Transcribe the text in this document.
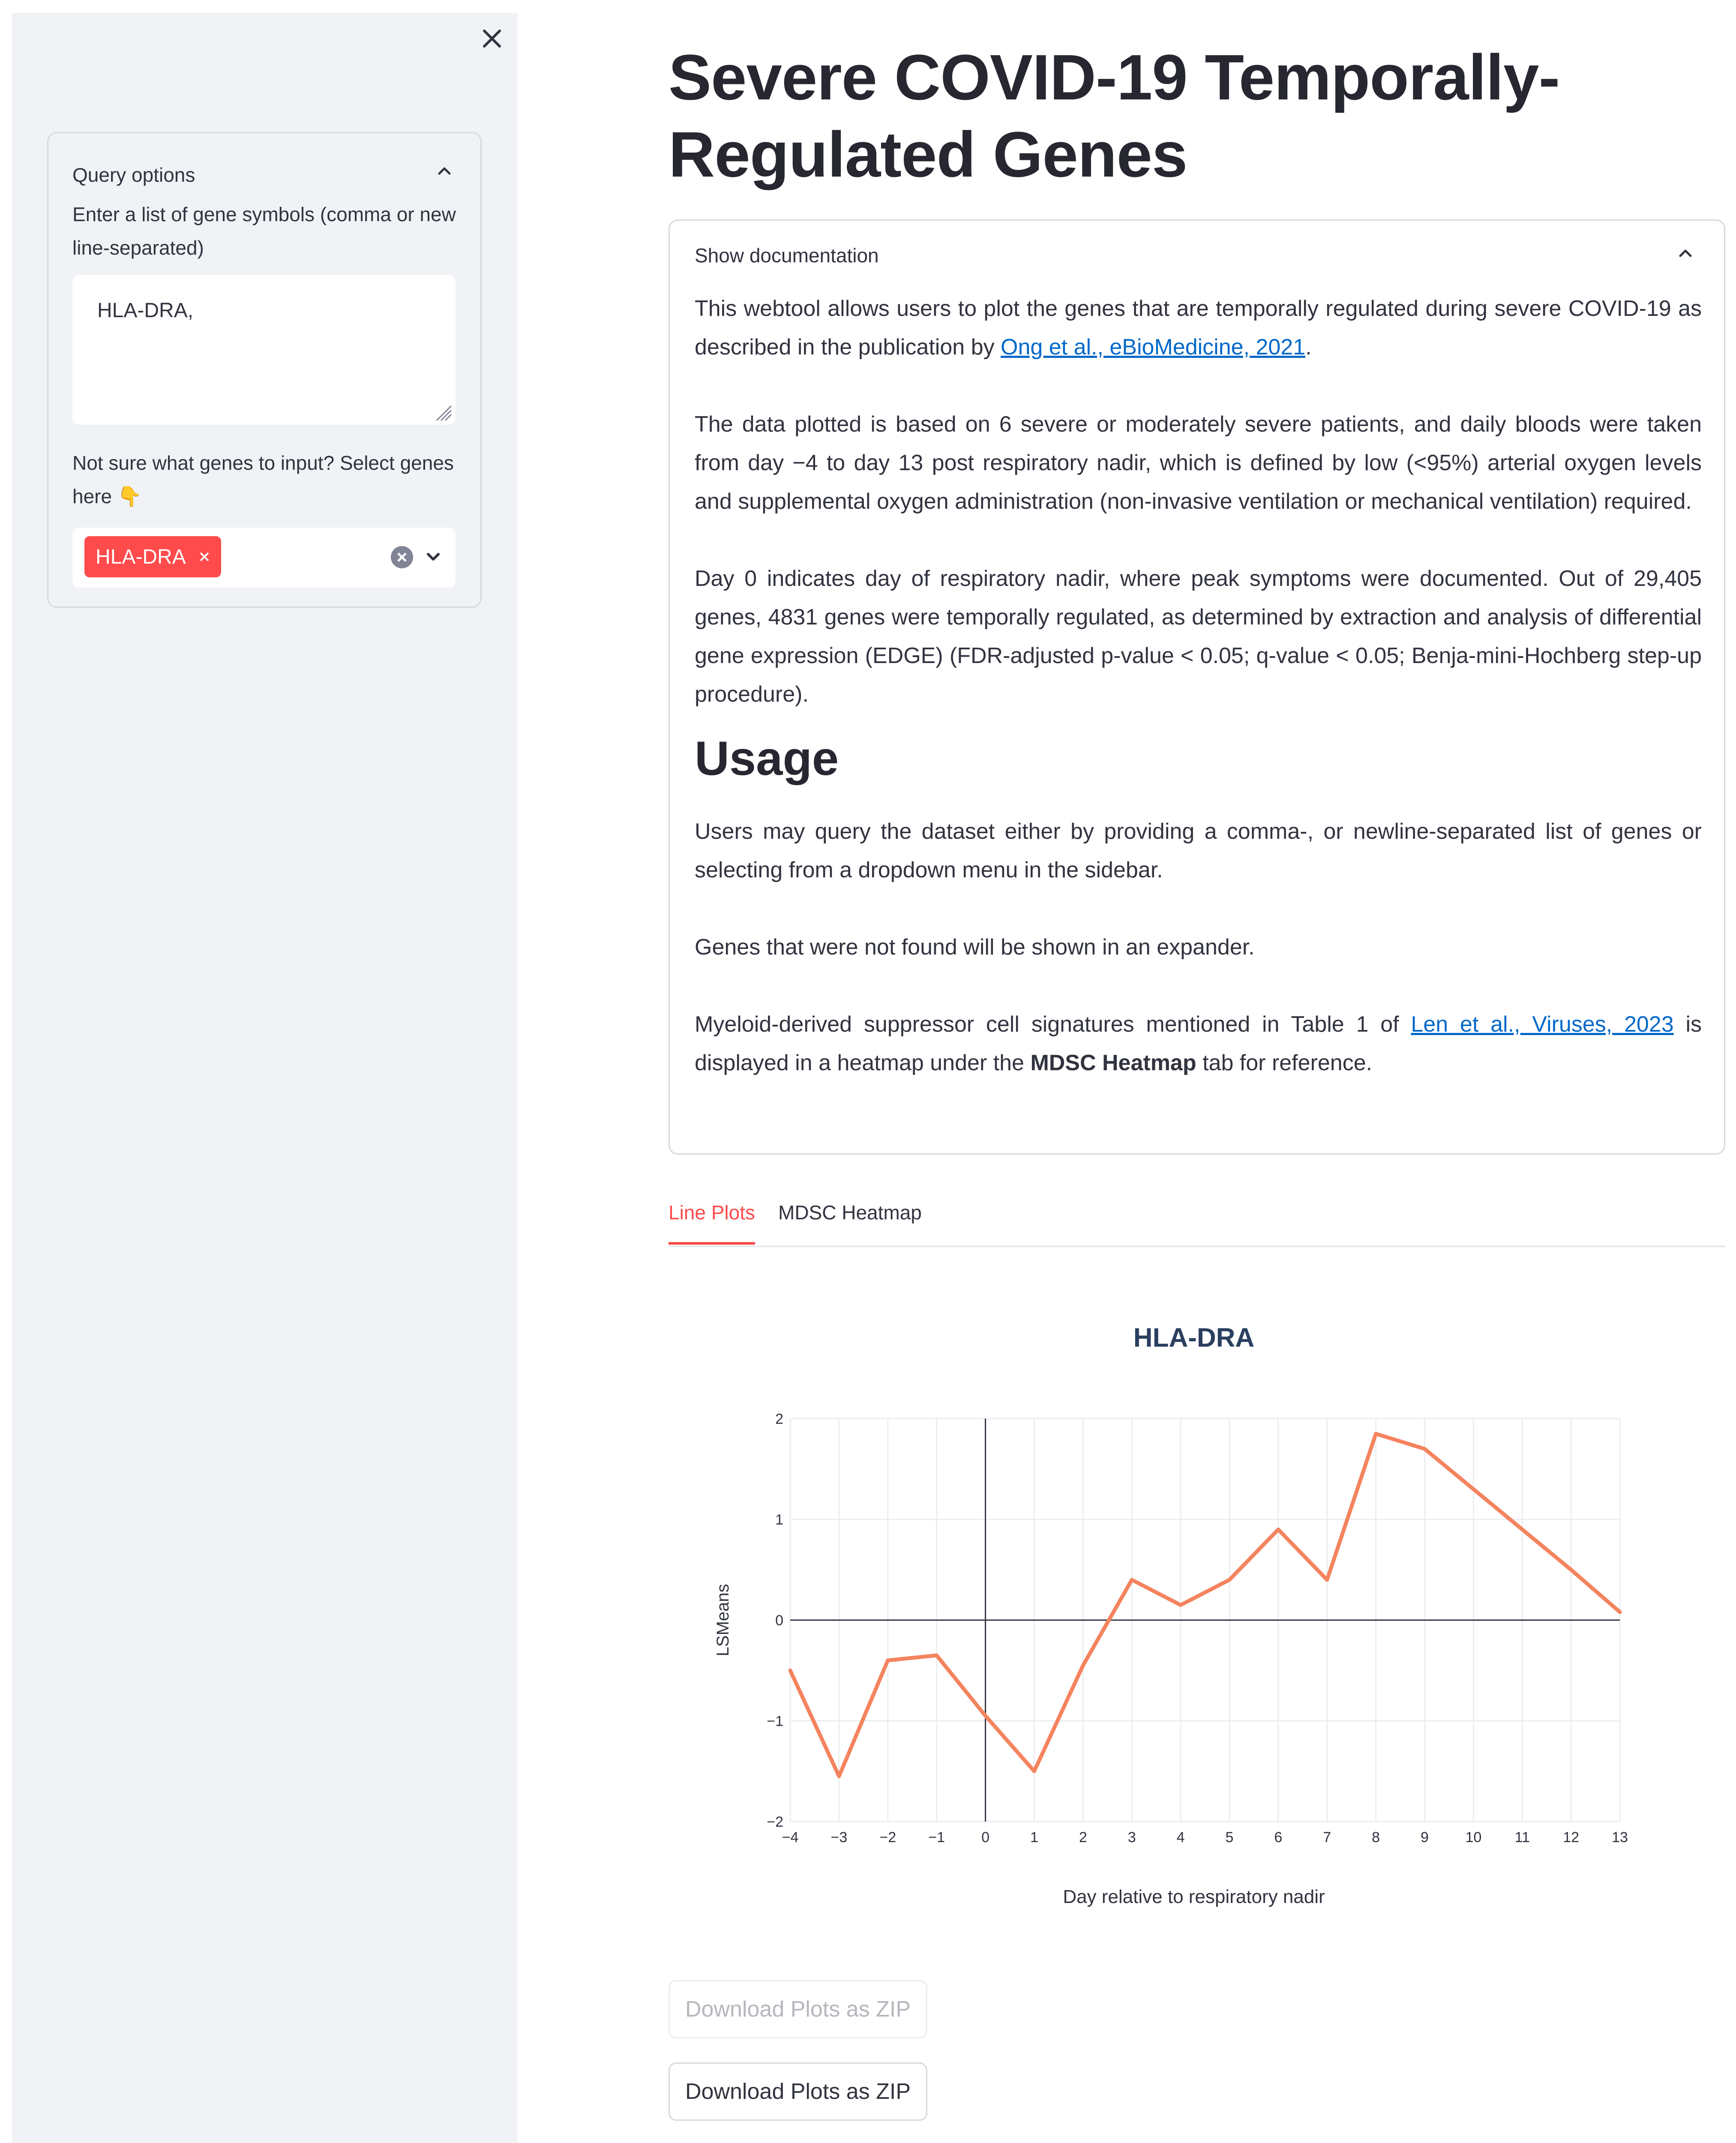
Query options
Enter a list of gene symbols (comma or new line-separated)
HLA-DRA,
Not sure what genes to input? Select genes here 👇
HLA-DRA
Severe COVID-19 Temporally-Regulated Genes
Show documentation

This webtool allows users to plot the genes that are temporally regulated during severe COVID-19 as described in the publication by Ong et al., eBioMedicine, 2021.

The data plotted is based on 6 severe or moderately severe patients, and daily bloods were taken from day −4 to day 13 post respiratory nadir, which is defined by low (<95%) arterial oxygen levels and supplemental oxygen administration (non-invasive ventilation or mechanical ventilation) required.

Day 0 indicates day of respiratory nadir, where peak symptoms were documented. Out of 29,405 genes, 4831 genes were temporally regulated, as determined by extraction and analysis of differential gene expression (EDGE) (FDR-adjusted p-value < 0.05; q-value < 0.05; Benja-mini-Hochberg step-up procedure).

Usage

Users may query the dataset either by providing a comma-, or newline-separated list of genes or selecting from a dropdown menu in the sidebar.

Genes that were not found will be shown in an expander.

Myeloid-derived suppressor cell signatures mentioned in Table 1 of Len et al., Viruses, 2023 is displayed in a heatmap under the MDSC Heatmap tab for reference.

Line Plots MDSC Heatmap
HLA-DRA
−4 −3 −2 −1	0	1	2	3	4	5	6	7	8	9	10 11 12 13
−2
−1
0
1
2
LSMeans
Day relative to respiratory nadir
Download Plots as ZIP
Download Plots as ZIP
